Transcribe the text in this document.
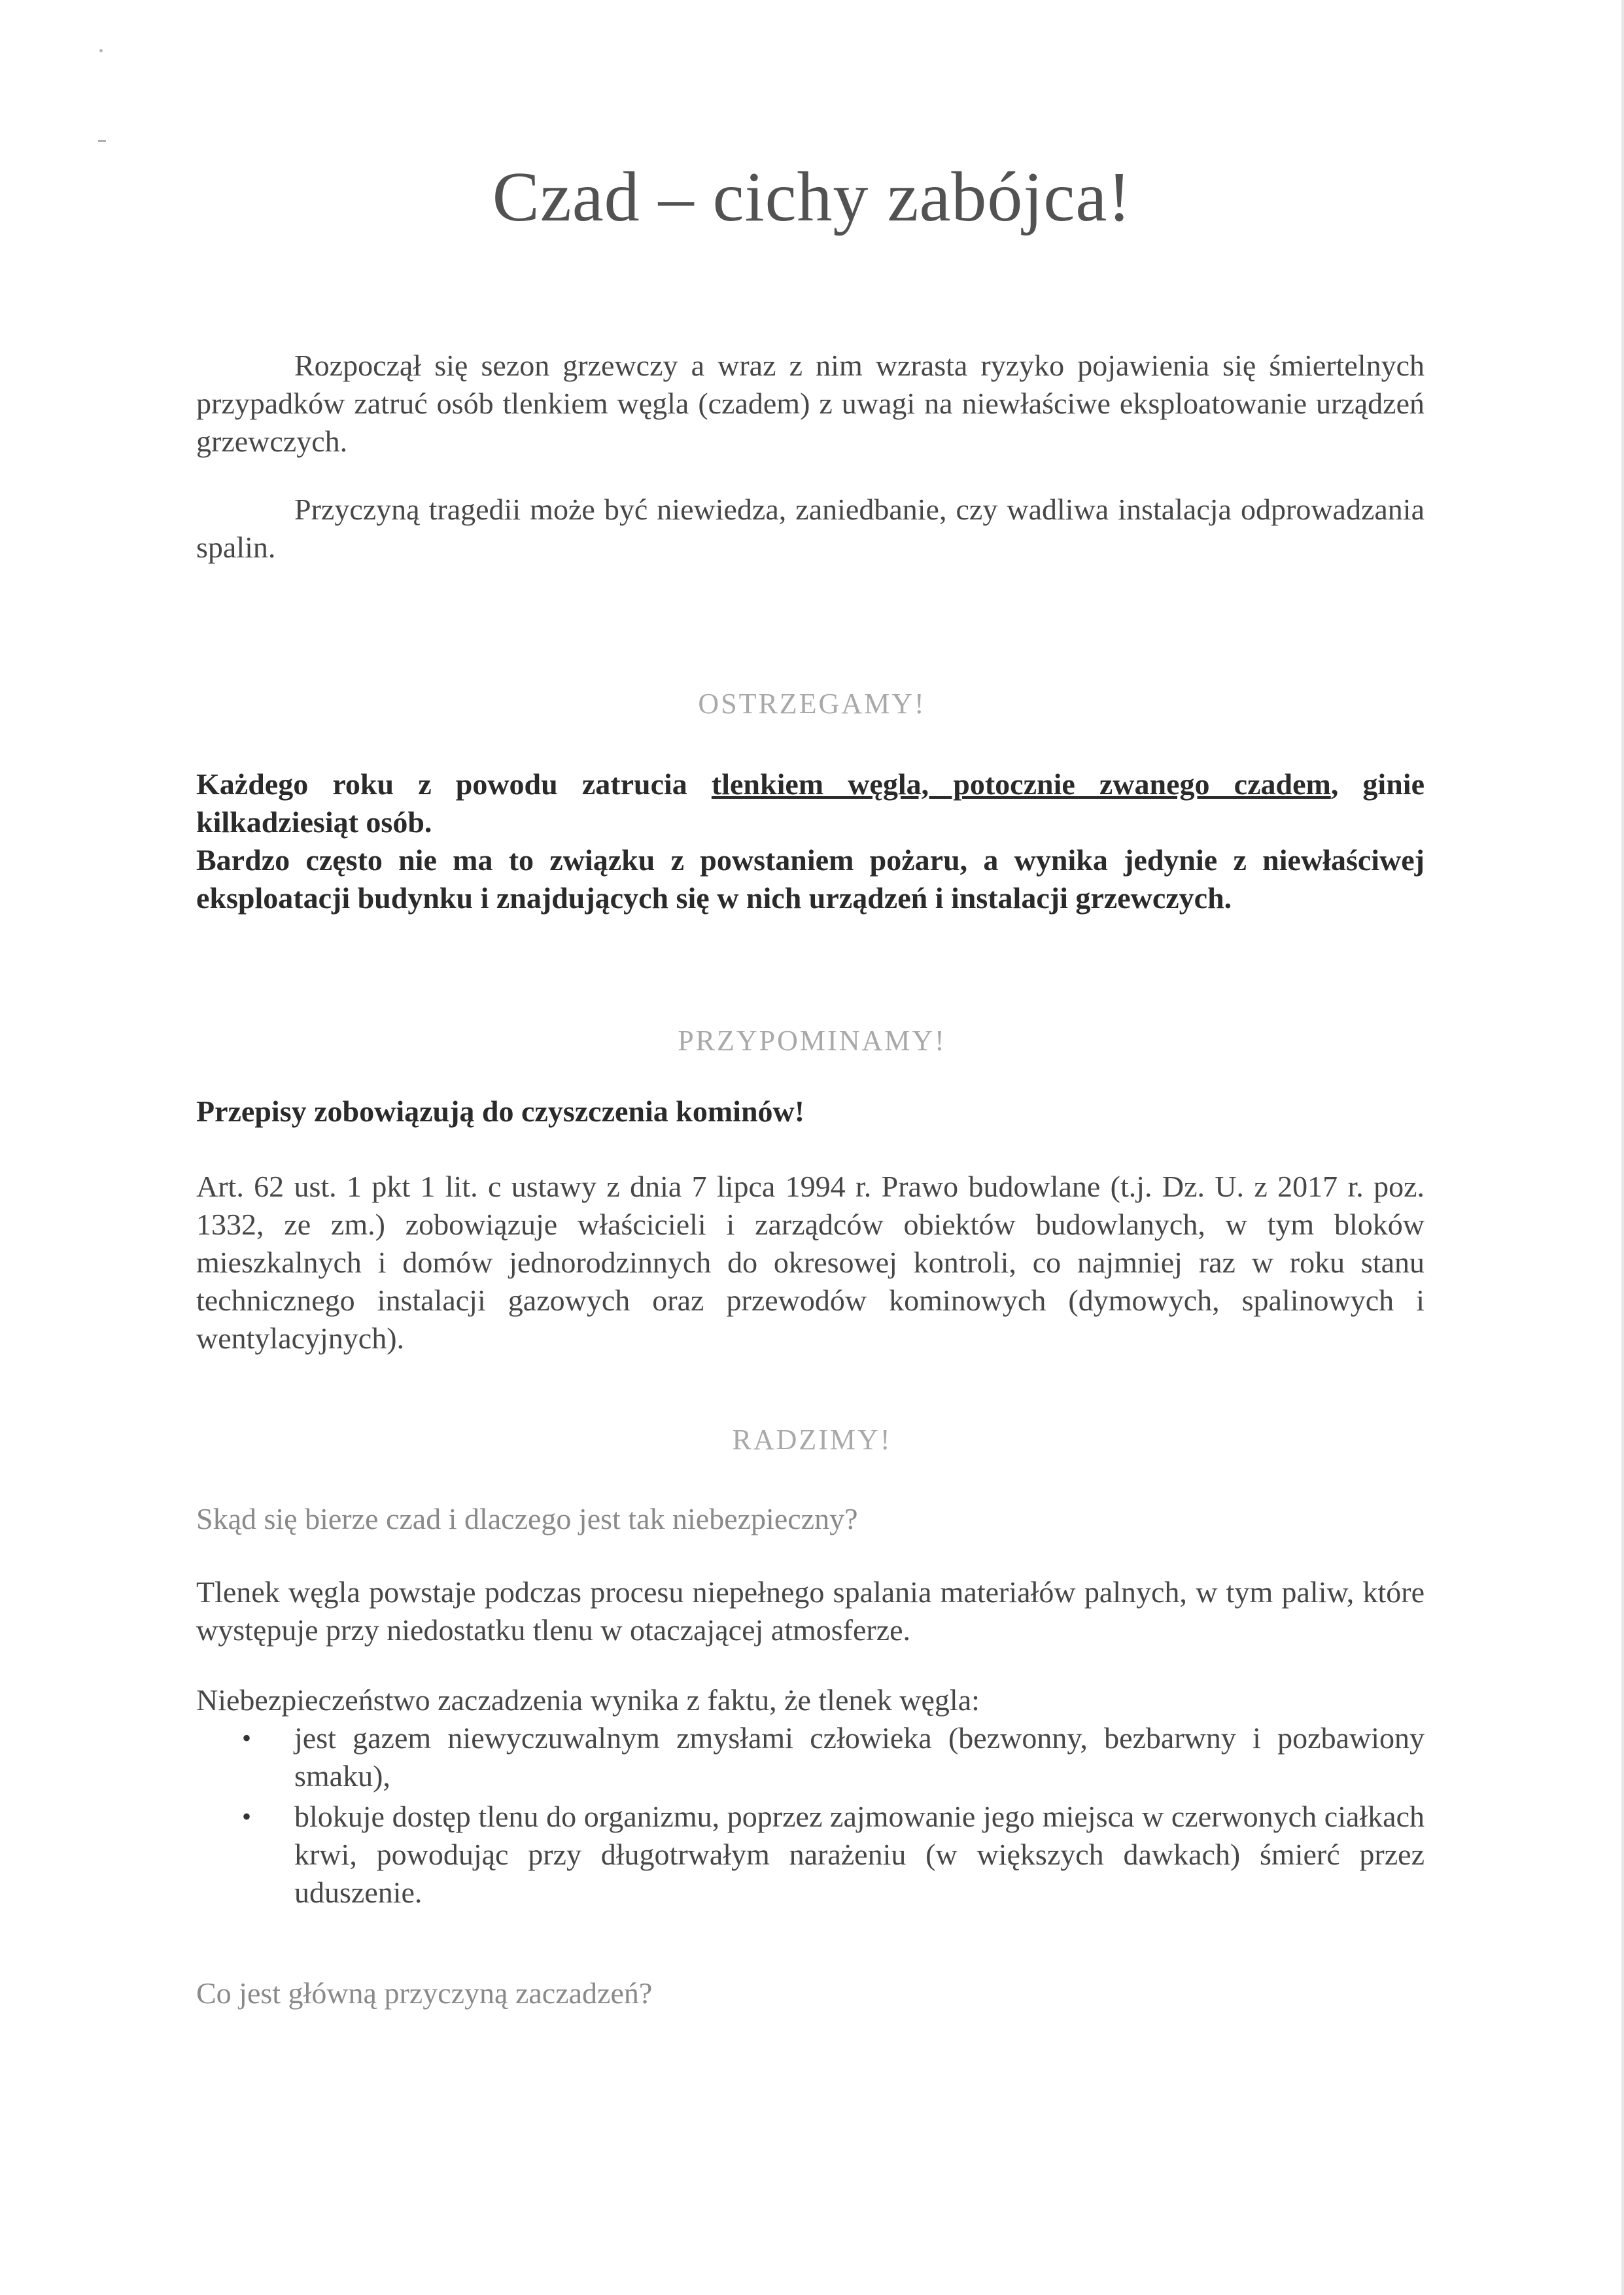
Czad – cichy zabójca!

Rozpoczął się sezon grzewczy a wraz z nim wzrasta ryzyko pojawienia się śmiertelnych przypadków zatruć osób tlenkiem węgla (czadem) z uwagi na niewłaściwe eksploatowanie urządzeń grzewczych.

Przyczyną tragedii może być niewiedza, zaniedbanie, czy wadliwa instalacja odprowadzania spalin.

OSTRZEGAMY!

Każdego roku z powodu zatrucia tlenkiem węgla, potocznie zwanego czadem, ginie kilkadziesiąt osób.

Bardzo często nie ma to związku z powstaniem pożaru, a wynika jedynie z niewłaściwej eksploatacji budynku i znajdujących się w nich urządzeń i instalacji grzewczych.

PRZYPOMINAMY!

Przepisy zobowiązują do czyszczenia kominów!

Art. 62 ust. 1 pkt 1 lit. c ustawy z dnia 7 lipca 1994 r. Prawo budowlane (t.j. Dz. U. z 2017 r. poz. 1332, ze zm.) zobowiązuje właścicieli i zarządców obiektów budowlanych, w tym bloków mieszkalnych i domów jednorodzinnych do okresowej kontroli, co najmniej raz w roku stanu technicznego instalacji gazowych oraz przewodów kominowych (dymowych, spalinowych i wentylacyjnych).

RADZIMY!
Skąd się bierze czad i dlaczego jest tak niebezpieczny?

Tlenek węgla powstaje podczas procesu niepełnego spalania materiałów palnych, w tym paliw, które występuje przy niedostatku tlenu w otaczającej atmosferze.

Niebezpieczeństwo zaczadzenia wynika z faktu, że tlenek węgla:

• jest gazem niewyczuwalnym zmysłami człowieka (bezwonny, bezbarwny i pozbawiony smaku),
• blokuje dostęp tlenu do organizmu, poprzez zajmowanie jego miejsca w czerwonych ciałkach krwi, powodując przy długotrwałym narażeniu (w większych dawkach) śmierć przez uduszenie.
Co jest główną przyczyną zaczadzeń?
